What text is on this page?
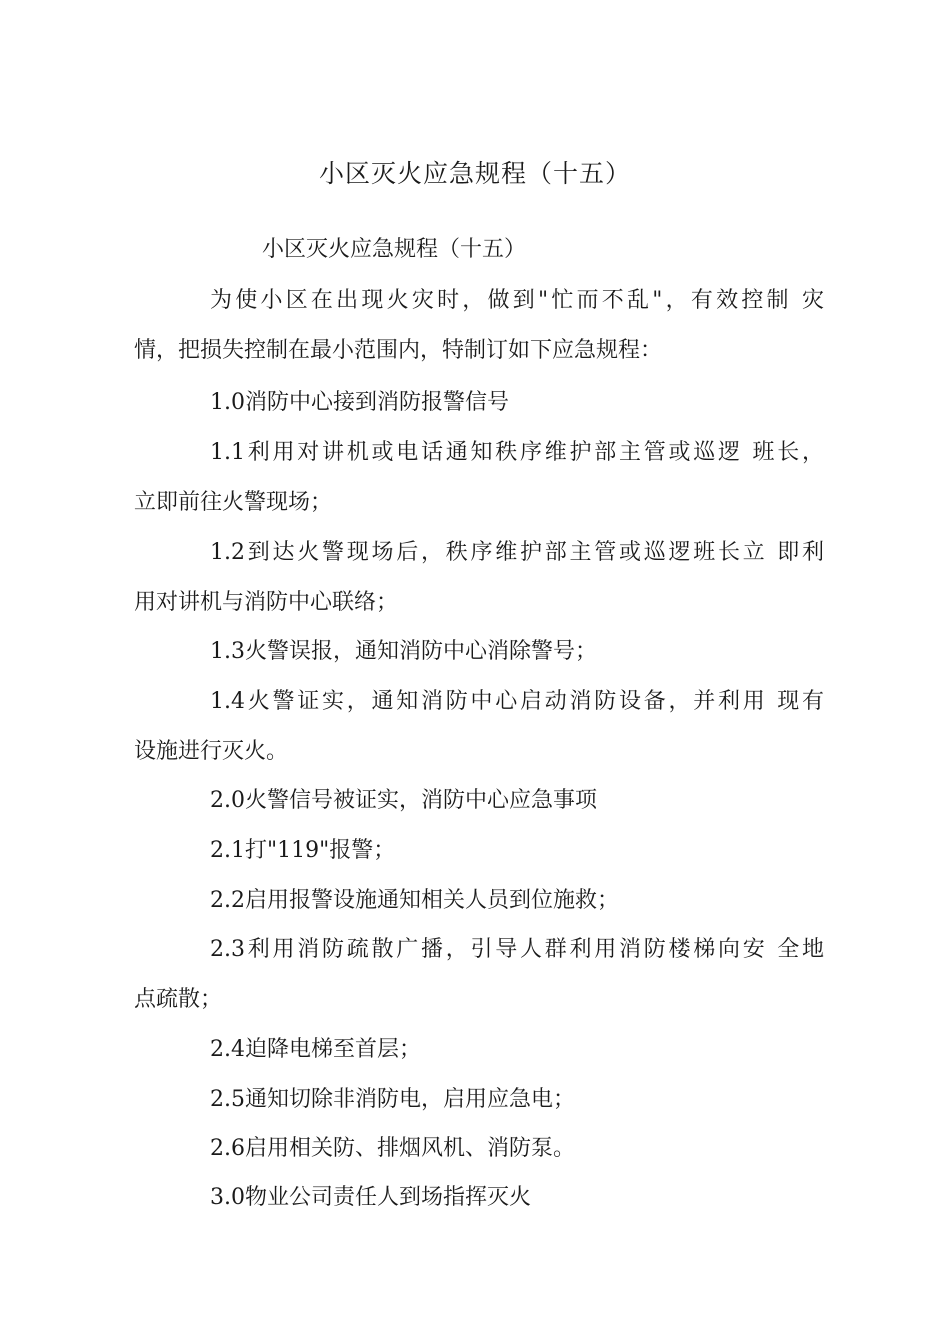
小区灭火应急规程（十五）
小区灭火应急规程（十五）
为使小区在出现火灾时，做到"忙而不乱"，有效控制 灾
情，把损失控制在最小范围内，特制订如下应急规程：
1.0消防中心接到消防报警信号
1.1利用对讲机或电话通知秩序维护部主管或巡逻 班长，
立即前往火警现场；
1.2到达火警现场后，秩序维护部主管或巡逻班长立 即利
用对讲机与消防中心联络；
1.3火警误报，通知消防中心消除警号；
1.4火警证实，通知消防中心启动消防设备，并利用 现有
设施进行灭火。
2.0火警信号被证实，消防中心应急事项
2.1打"119"报警；
2.2启用报警设施通知相关人员到位施救；
2.3利用消防疏散广播，引导人群利用消防楼梯向安 全地
点疏散；
2.4迫降电梯至首层；
2.5通知切除非消防电，启用应急电；
2.6启用相关防、排烟风机、消防泵。
3.0物业公司责任人到场指挥灭火
